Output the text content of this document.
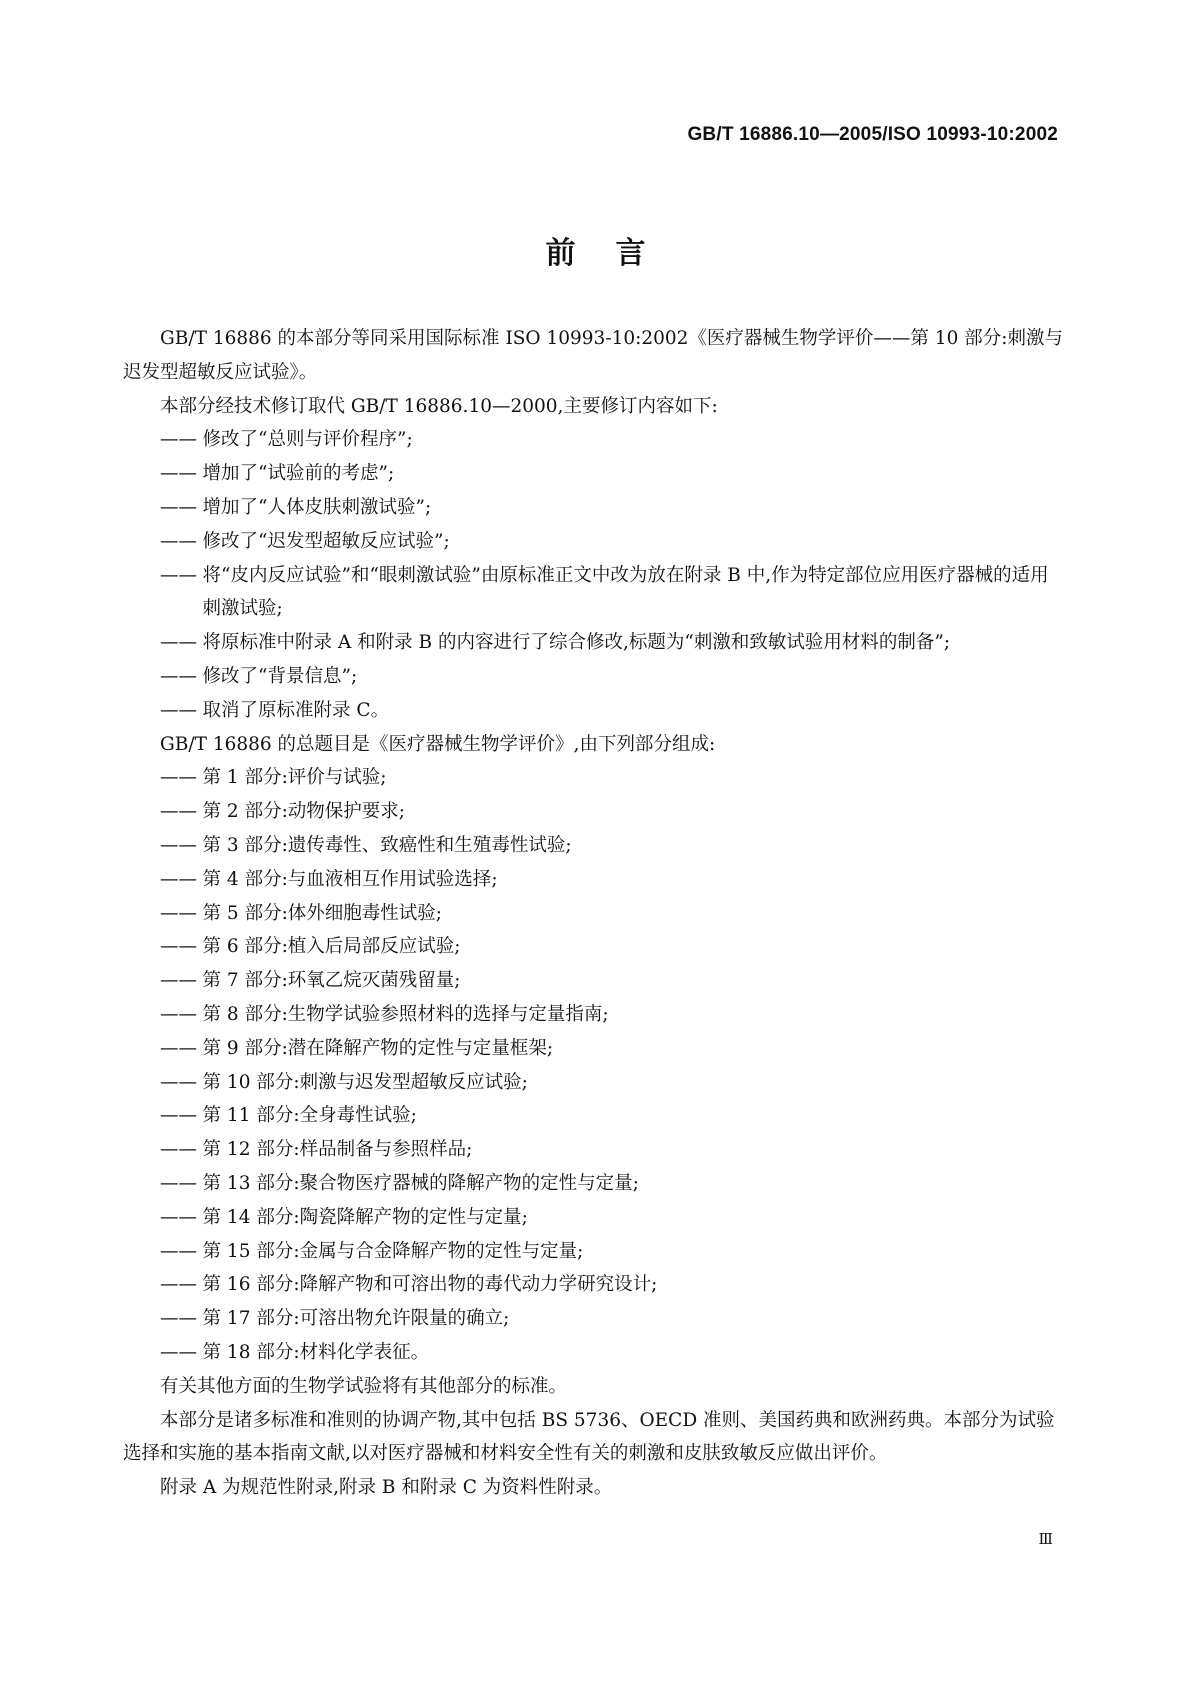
GB/T 16886.10—2005/ISO 10993-10:2002
前言

GB/T 16886 的本部分等同采用国际标准 ISO 10993-10:2002《医疗器械生物学评价——第 10 部分:刺激与迟发型超敏反应试验》。

本部分经技术修订取代 GB/T 16886.10—2000,主要修订内容如下:

—— 修改了“总则与评价程序”;

—— 增加了“试验前的考虑”;

—— 增加了“人体皮肤刺激试验”;

—— 修改了“迟发型超敏反应试验”;

—— 将“皮内反应试验”和“眼刺激试验”由原标准正文中改为放在附录 B 中,作为特定部位应用医疗器械的适用刺激试验;

—— 将原标准中附录 A 和附录 B 的内容进行了综合修改,标题为“刺激和致敏试验用材料的制备”;

—— 修改了“背景信息”;

—— 取消了原标准附录 C。

GB/T 16886 的总题目是《医疗器械生物学评价》,由下列部分组成:

—— 第 1 部分:评价与试验;

—— 第 2 部分:动物保护要求;

—— 第 3 部分:遗传毒性、致癌性和生殖毒性试验;

—— 第 4 部分:与血液相互作用试验选择;

—— 第 5 部分:体外细胞毒性试验;

—— 第 6 部分:植入后局部反应试验;

—— 第 7 部分:环氧乙烷灭菌残留量;

—— 第 8 部分:生物学试验参照材料的选择与定量指南;

—— 第 9 部分:潜在降解产物的定性与定量框架;

—— 第 10 部分:刺激与迟发型超敏反应试验;

—— 第 11 部分:全身毒性试验;

—— 第 12 部分:样品制备与参照样品;

—— 第 13 部分:聚合物医疗器械的降解产物的定性与定量;

—— 第 14 部分:陶瓷降解产物的定性与定量;

—— 第 15 部分:金属与合金降解产物的定性与定量;

—— 第 16 部分:降解产物和可溶出物的毒代动力学研究设计;

—— 第 17 部分:可溶出物允许限量的确立;

—— 第 18 部分:材料化学表征。

有关其他方面的生物学试验将有其他部分的标准。

本部分是诸多标准和准则的协调产物,其中包括 BS 5736、OECD 准则、美国药典和欧洲药典。本部分为试验选择和实施的基本指南文献,以对医疗器械和材料安全性有关的刺激和皮肤致敏反应做出评价。

附录 A 为规范性附录,附录 B 和附录 C 为资料性附录。

Ⅲ
